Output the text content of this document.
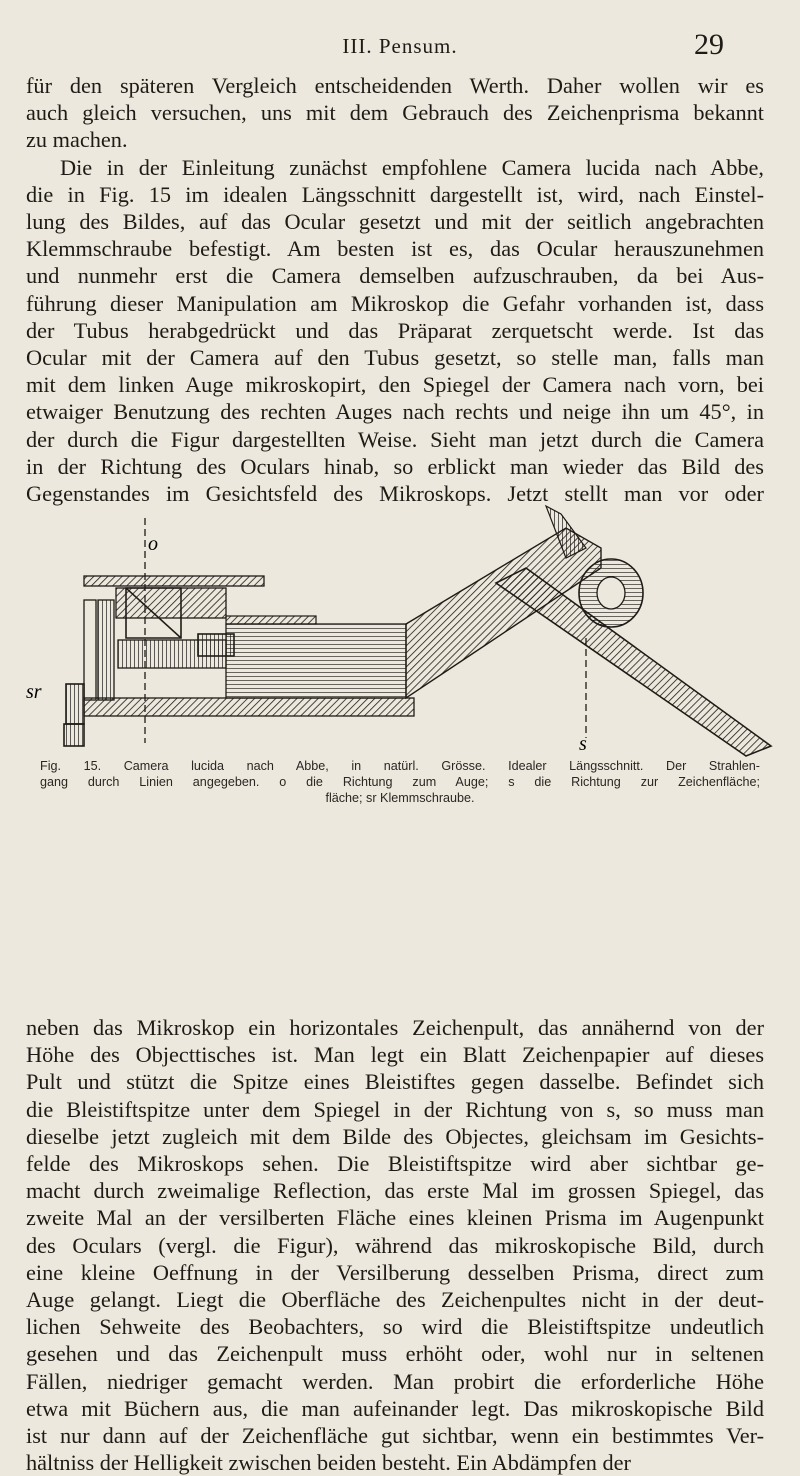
III. Pensum.	29
für den späteren Vergleich entscheidenden Werth. Daher wollen wir es
auch gleich versuchen, uns mit dem Gebrauch des Zeichenprisma bekannt
zu machen.
Die in der Einleitung zunächst empfohlene Camera lucida nach Abbe,
die in Fig. 15 im idealen Längsschnitt dargestellt ist, wird, nach Einstel-
lung des Bildes, auf das Ocular gesetzt und mit der seitlich angebrachten
Klemmschraube befestigt. Am besten ist es, das Ocular herauszunehmen
und nunmehr erst die Camera demselben aufzuschrauben, da bei Aus-
führung dieser Manipulation am Mikroskop die Gefahr vorhanden ist, dass
der Tubus herabgedrückt und das Präparat zerquetscht werde. Ist das
Ocular mit der Camera auf den Tubus gesetzt, so stelle man, falls man
mit dem linken Auge mikroskopirt, den Spiegel der Camera nach vorn, bei
etwaiger Benutzung des rechten Auges nach rechts und neige ihn um 45°, in
der durch die Figur dargestellten Weise. Sieht man jetzt durch die Camera
in der Richtung des Oculars hinab, so erblickt man wieder das Bild des
Gegenstandes im Gesichtsfeld des Mikroskops. Jetzt stellt man vor oder
o
s
sr
Fig. 15. Camera lucida nach Abbe, in natürl. Grösse. Idealer Längsschnitt. Der Strahlen-
gang durch Linien angegeben. o die Richtung zum Auge; s die Richtung zur Zeichenfläche;
fläche; sr Klemmschraube.
neben das Mikroskop ein horizontales Zeichenpult, das annähernd von der
Höhe des Objecttisches ist. Man legt ein Blatt Zeichenpapier auf dieses
Pult und stützt die Spitze eines Bleistiftes gegen dasselbe. Befindet sich
die Bleistiftspitze unter dem Spiegel in der Richtung von s, so muss man
dieselbe jetzt zugleich mit dem Bilde des Objectes, gleichsam im Gesichts-
felde des Mikroskops sehen. Die Bleistiftspitze wird aber sichtbar ge-
macht durch zweimalige Reflection, das erste Mal im grossen Spiegel, das
zweite Mal an der versilberten Fläche eines kleinen Prisma im Augenpunkt
des Oculars (vergl. die Figur), während das mikroskopische Bild, durch
eine kleine Oeffnung in der Versilberung desselben Prisma, direct zum
Auge gelangt. Liegt die Oberfläche des Zeichenpultes nicht in der deut-
lichen Sehweite des Beobachters, so wird die Bleistiftspitze undeutlich
gesehen und das Zeichenpult muss erhöht oder, wohl nur in seltenen
Fällen, niedriger gemacht werden. Man probirt die erforderliche Höhe
etwa mit Büchern aus, die man aufeinander legt. Das mikroskopische Bild
ist nur dann auf der Zeichenfläche gut sichtbar, wenn ein bestimmtes Ver-
hältniss der Helligkeit zwischen beiden besteht. Ein Abdämpfen der
